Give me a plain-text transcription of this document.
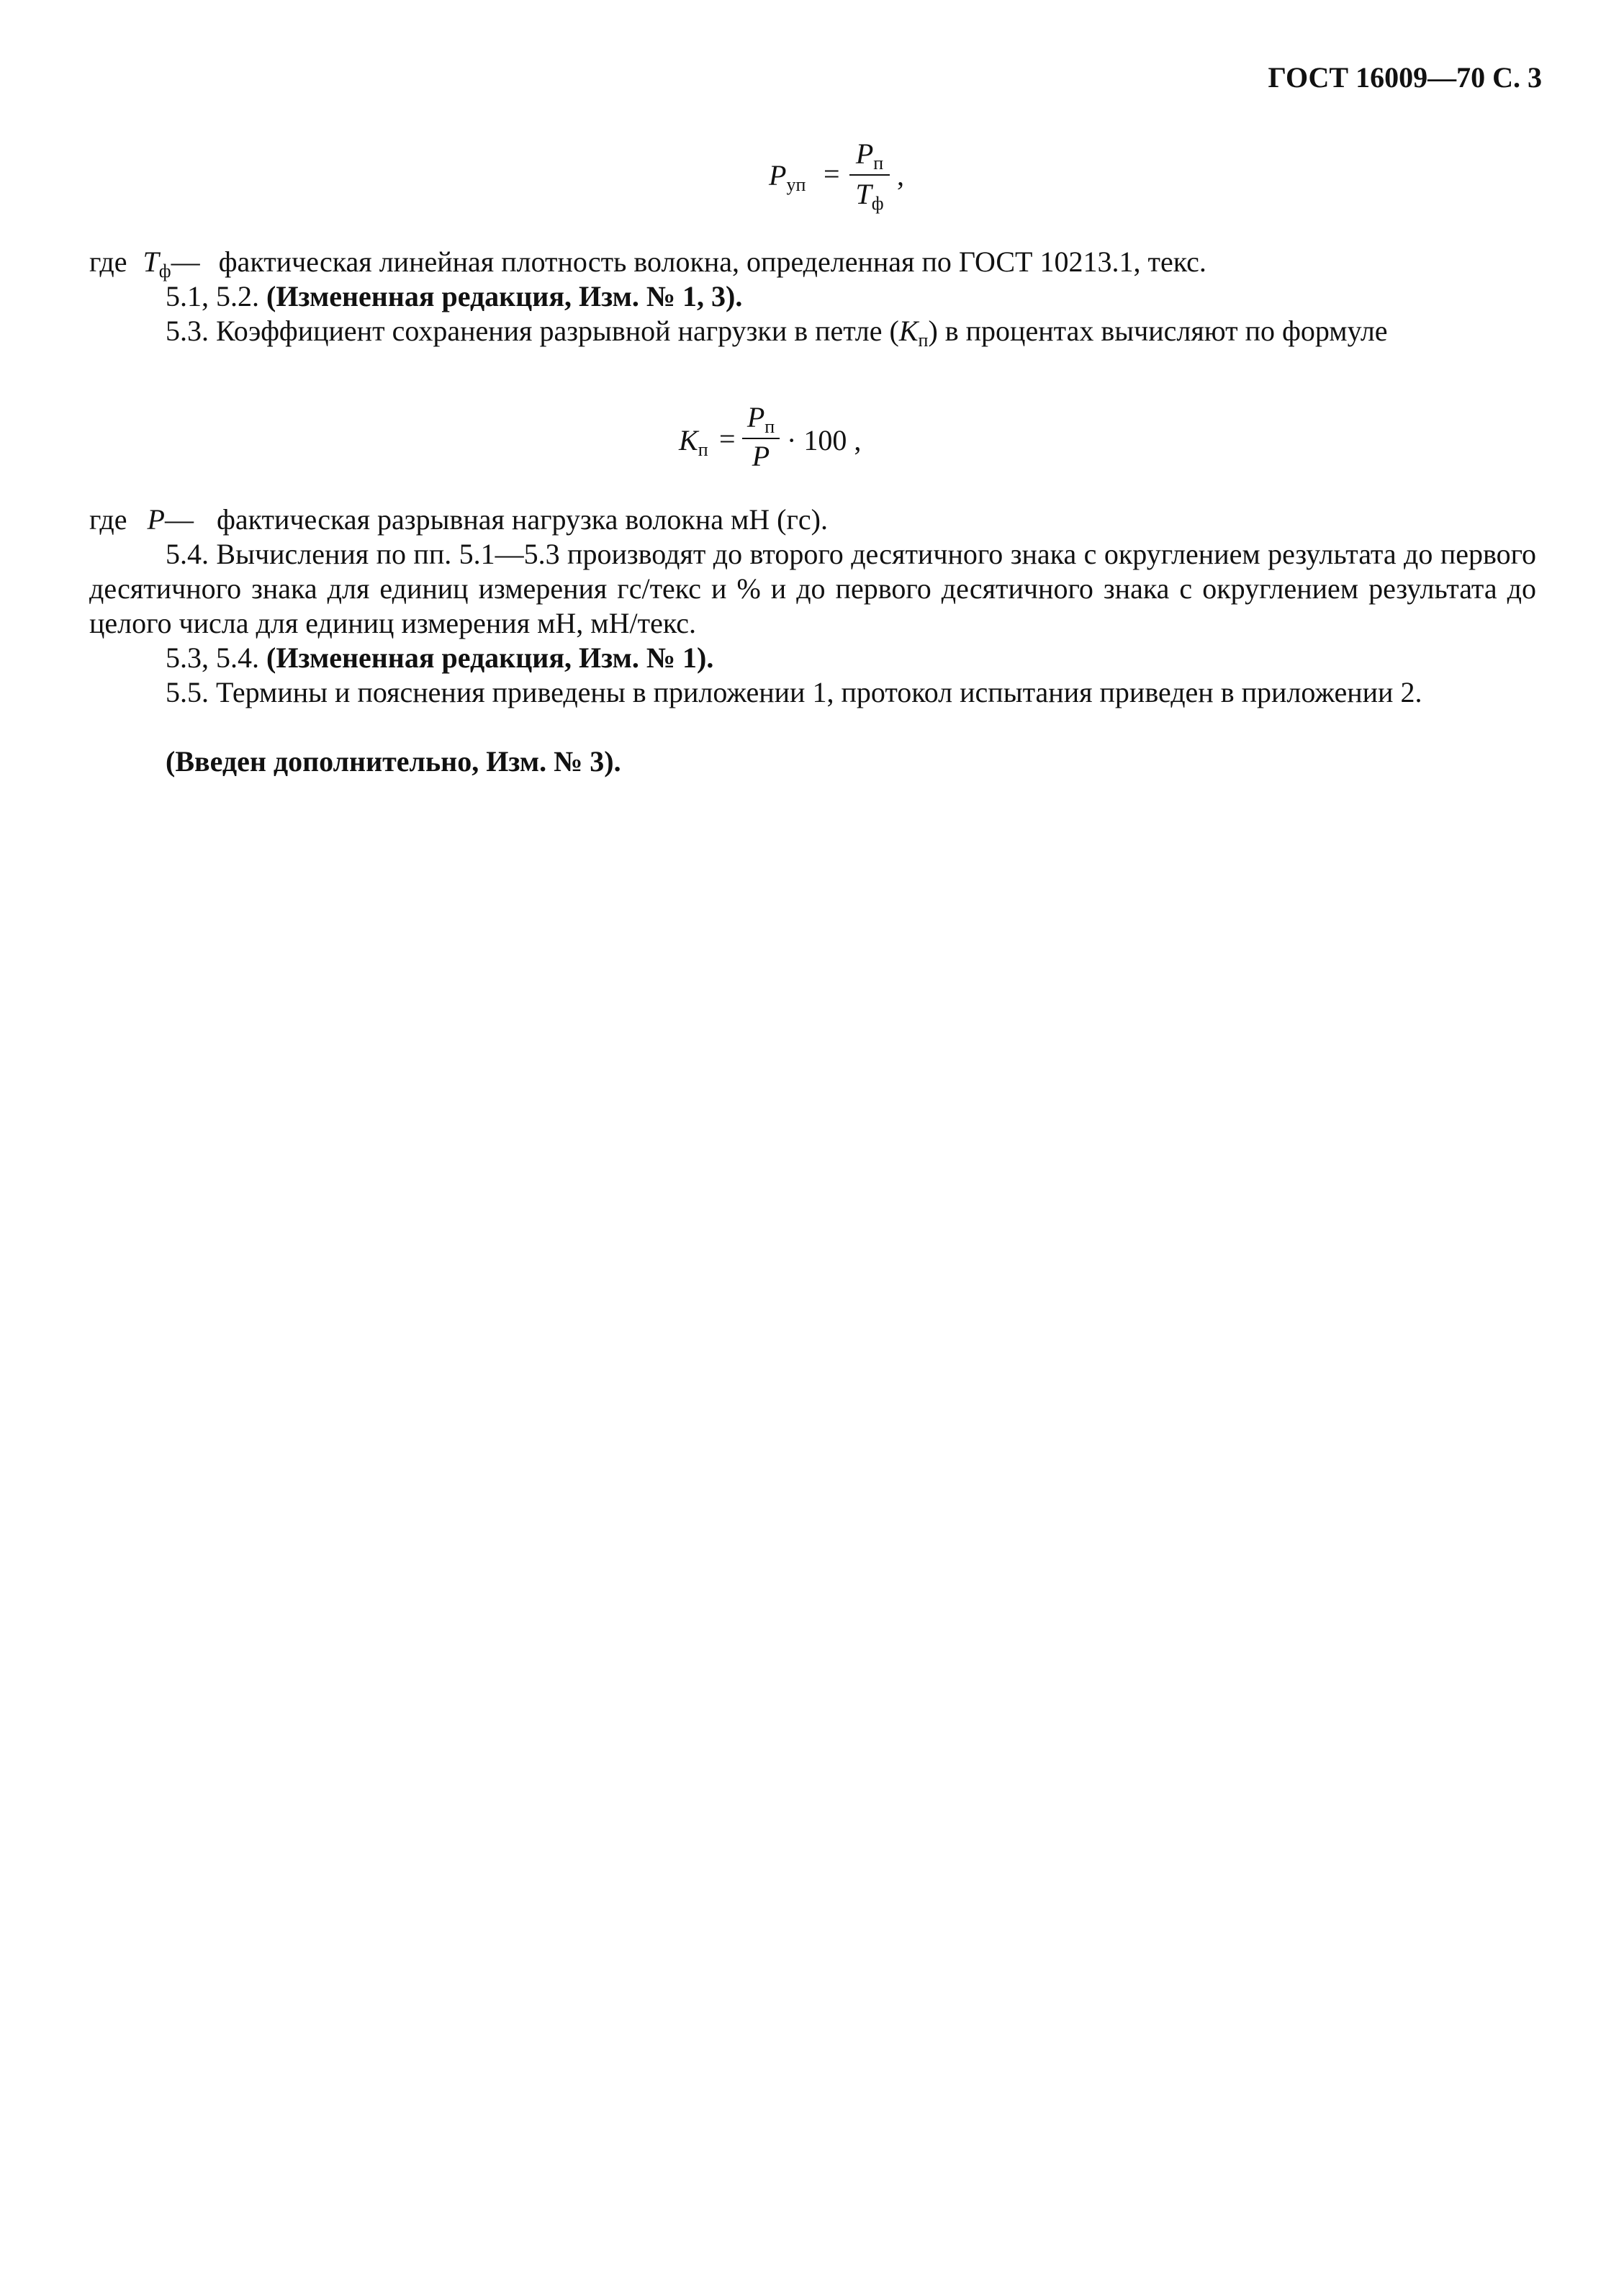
ГОСТ 16009—70 С. 3
$P_{уп}$ =
$P_п$
$T_ф$
,
где $T_ф—$ фактическая линейная плотность волокна, определенная по ГОСТ 10213.1, текс.
5.1, 5.2. (Измененная редакция, Изм. № 1, 3).
5.3. Коэффициент сохранения разрывной нагрузки в петле $(K_п)$ в процентах вычисляют по формуле
$K_п$ =
$P_п$
P · 100 ,
где P— фактическая разрывная нагрузка волокна мН (гс).
5.4. Вычисления по пп. 5.1—5.3 производят до второго десятичного знака с округлением результата до первого десятичного знака для единиц измерения гс/текс и % и до первого десятичного знака с округлением результата до целого числа для единиц измерения мН, мН/текс.
5.3, 5.4. (Измененная редакция, Изм. № 1).
5.5. Термины и пояснения приведены в приложении 1, протокол испытания приведен в приложении 2.
(Введен дополнительно, Изм. № 3).
